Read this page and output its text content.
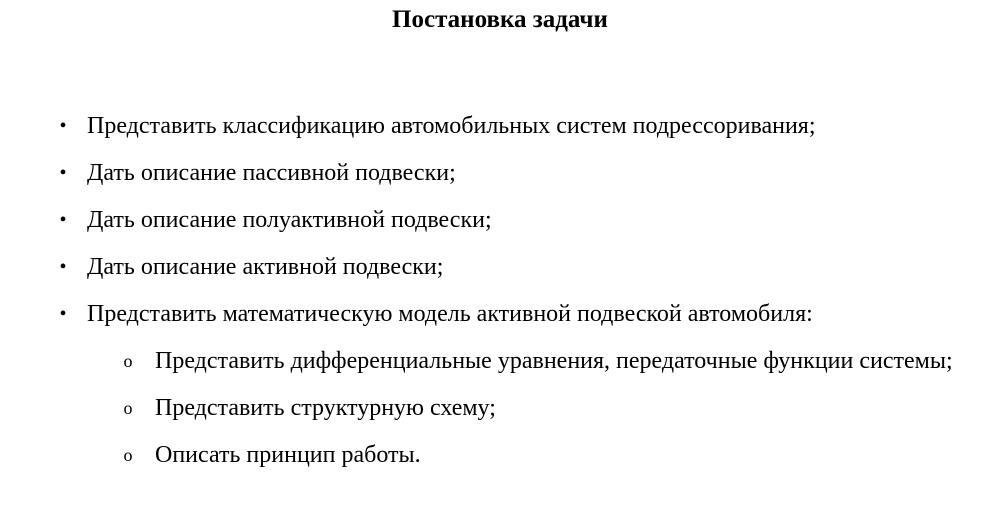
Постановка задачи
• Представить классификацию автомобильных систем подрессоривания;
• Дать описание пассивной подвески;
• Дать описание полуактивной подвески;
• Дать описание активной подвески;
• Представить математическую модель активной подвеской автомобиля:
o Представить дифференциальные уравнения, передаточные функции системы;
o Представить структурную схему;
o Описать принцип работы.
